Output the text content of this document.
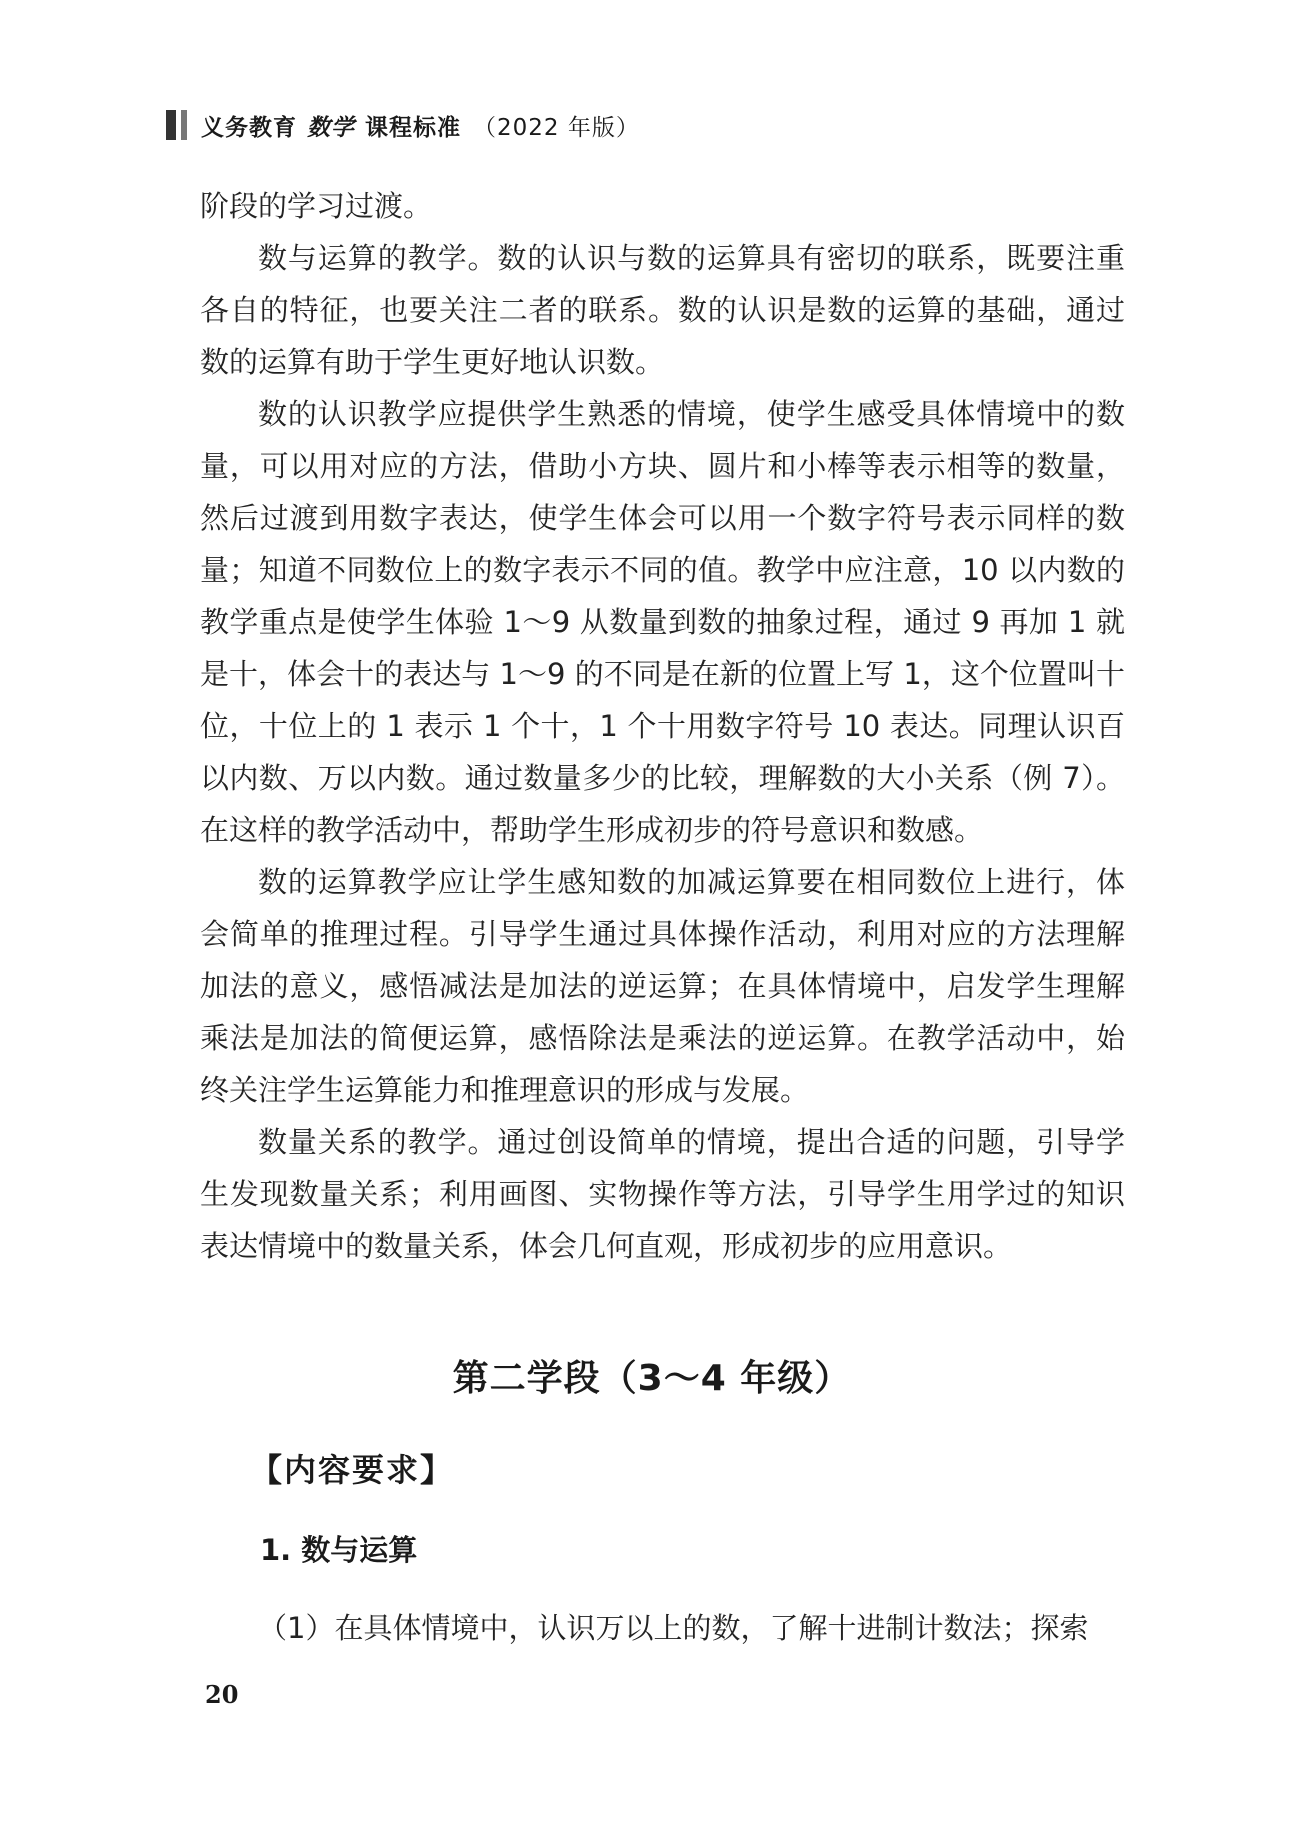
义务教育 数学 课程标准 （2022 年版）

阶段的学习过渡。

数与运算的教学。数的认识与数的运算具有密切的联系，既要注重各自的特征，也要关注二者的联系。数的认识是数的运算的基础，通过数的运算有助于学生更好地认识数。

数的认识教学应提供学生熟悉的情境，使学生感受具体情境中的数量，可以用对应的方法，借助小方块、圆片和小棒等表示相等的数量，然后过渡到用数字表达，使学生体会可以用一个数字符号表示同样的数量；知道不同数位上的数字表示不同的值。教学中应注意，10 以内数的教学重点是使学生体验 1～9 从数量到数的抽象过程，通过 9 再加 1 就是十，体会十的表达与 1～9 的不同是在新的位置上写 1，这个位置叫十位，十位上的 1 表示 1 个十，1 个十用数字符号 10 表达。同理认识百以内数、万以内数。通过数量多少的比较，理解数的大小关系（例 7）。在这样的教学活动中，帮助学生形成初步的符号意识和数感。

数的运算教学应让学生感知数的加减运算要在相同数位上进行，体会简单的推理过程。引导学生通过具体操作活动，利用对应的方法理解加法的意义，感悟减法是加法的逆运算；在具体情境中，启发学生理解乘法是加法的简便运算，感悟除法是乘法的逆运算。在教学活动中，始终关注学生运算能力和推理意识的形成与发展。

数量关系的教学。通过创设简单的情境，提出合适的问题，引导学生发现数量关系；利用画图、实物操作等方法，引导学生用学过的知识表达情境中的数量关系，体会几何直观，形成初步的应用意识。

第二学段（3～4 年级）
【内容要求】
1. 数与运算
（1）在具体情境中，认识万以上的数，了解十进制计数法；探索
20
